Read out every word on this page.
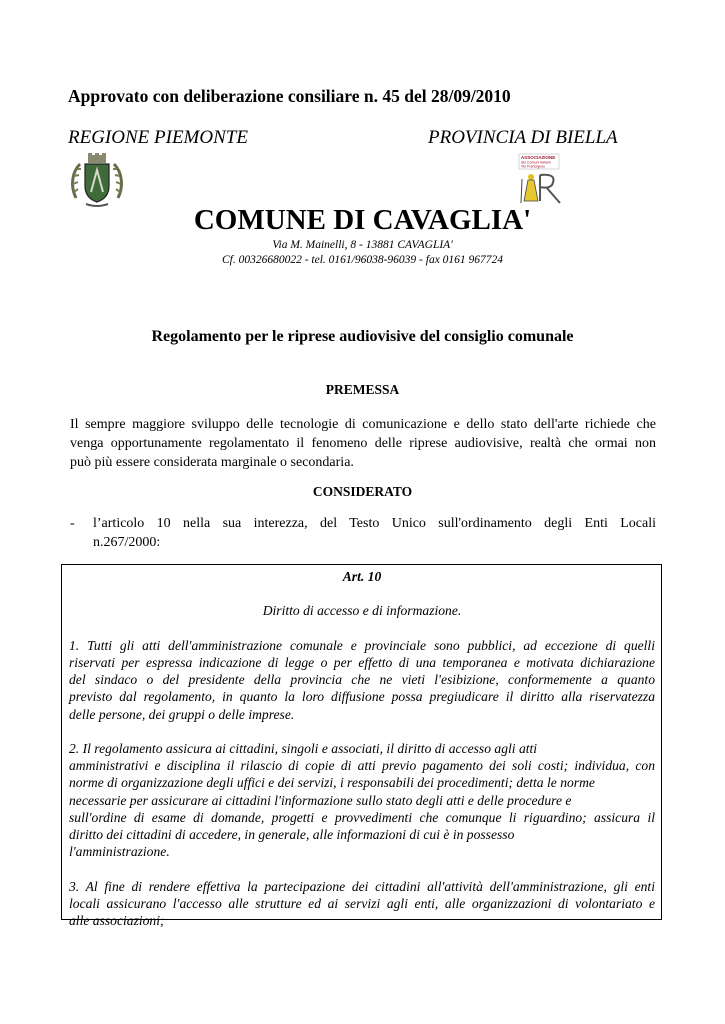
Approvato con deliberazione consiliare n. 45 del 28/09/2010
REGIONE PIEMONTE	PROVINCIA DI BIELLA
ASSOCIAZIONE
dei Comuni Italiani
Vie Francigene
COMUNE DI CAVAGLIA'
Via M. Mainelli, 8 - 13881 CAVAGLIA'
Cf. 00326680022 - tel. 0161/96038-96039 - fax 0161 967724
Regolamento per le riprese audiovisive del consiglio comunale
PREMESSA
Il sempre maggiore sviluppo delle tecnologie di comunicazione e dello stato dell'arte richiede che
venga opportunamente regolamentato il fenomeno delle riprese audiovisive, realtà che ormai non
può più essere considerata marginale o secondaria.
CONSIDERATO
-	l’articolo 10 nella sua interezza, del Testo Unico sull'ordinamento degli Enti Locali
n.267/2000:
Art. 10
Diritto di accesso e di informazione.
1. Tutti gli atti dell'amministrazione comunale e provinciale sono pubblici, ad eccezione di quelli
riservati per espressa indicazione di legge o per effetto di una temporanea e motivata dichiarazione
del sindaco o del presidente della provincia che ne vieti l'esibizione, conformemente a quanto
previsto dal regolamento, in quanto la loro diffusione possa pregiudicare il diritto alla riservatezza
delle persone, dei gruppi o delle imprese.
2. Il regolamento assicura ai cittadini, singoli e associati, il diritto di accesso agli atti
amministrativi e disciplina il rilascio di copie di atti previo pagamento dei soli costi; individua, con
norme di organizzazione degli uffici e dei servizi, i responsabili dei procedimenti; detta le norme
necessarie per assicurare ai cittadini l'informazione sullo stato degli atti e delle procedure e
sull'ordine di esame di domande, progetti e provvedimenti che comunque li riguardino; assicura il
diritto dei cittadini di accedere, in generale, alle informazioni di cui è in possesso
l'amministrazione.
3. Al fine di rendere effettiva la partecipazione dei cittadini all'attività dell'amministrazione, gli enti
locali assicurano l'accesso alle strutture ed ai servizi agli enti, alle organizzazioni di volontariato e
alle associazioni;
